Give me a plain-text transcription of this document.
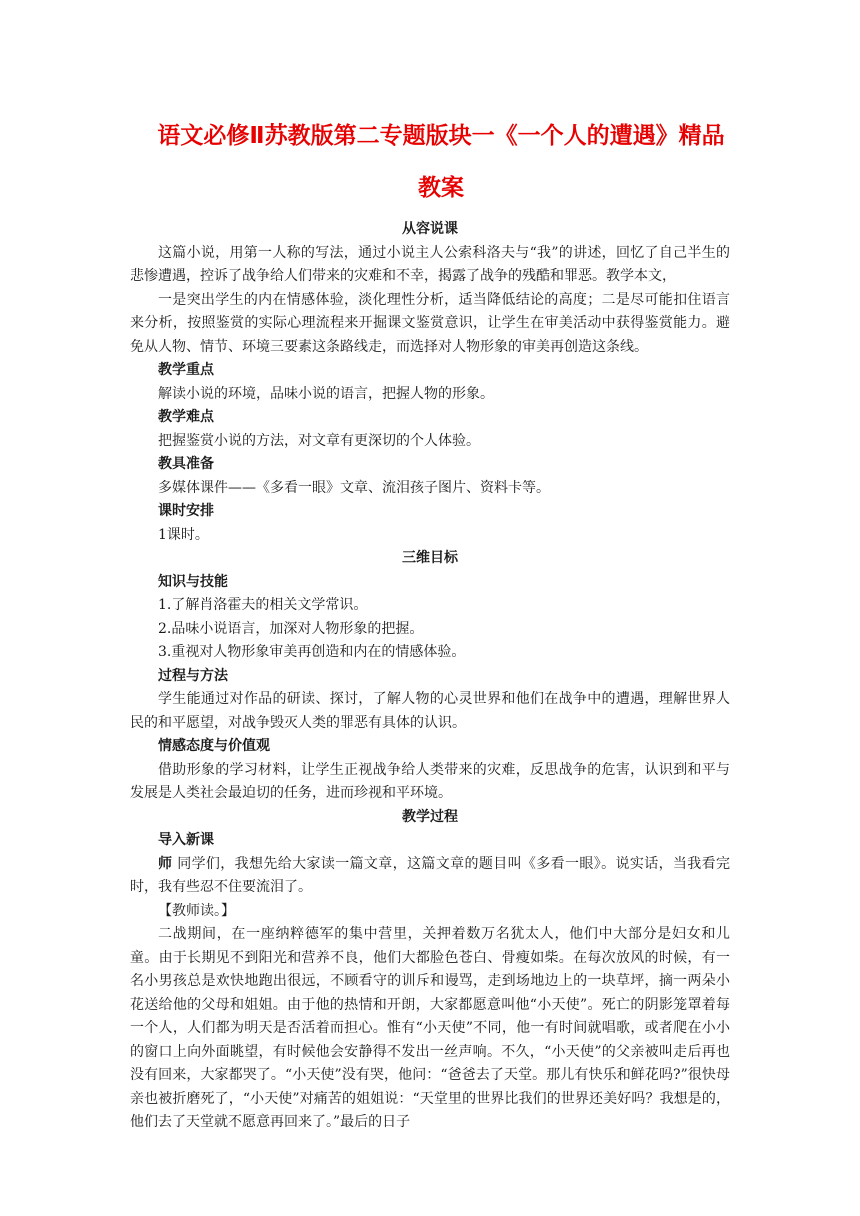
语文必修Ⅱ苏教版第二专题版块一《一个人的遭遇》精品教案
从容说课

这篇小说，用第一人称的写法，通过小说主人公索科洛夫与“我”的讲述，回忆了自己半生的悲惨遭遇，控诉了战争给人们带来的灾难和不幸，揭露了战争的残酷和罪恶。教学本文，

一是突出学生的内在情感体验，淡化理性分析，适当降低结论的高度；二是尽可能扣住语言来分析，按照鉴赏的实际心理流程来开掘课文鉴赏意识，让学生在审美活动中获得鉴赏能力。避免从人物、情节、环境三要素这条路线走，而选择对人物形象的审美再创造这条线。

教学重点

解读小说的环境，品味小说的语言，把握人物的形象。

教学难点

把握鉴赏小说的方法，对文章有更深切的个人体验。

教具准备

多媒体课件——《多看一眼》文章、流泪孩子图片、资料卡等。

课时安排

1课时。

三维目标
知识与技能

1.了解肖洛霍夫的相关文学常识。

2.品味小说语言，加深对人物形象的把握。

3.重视对人物形象审美再创造和内在的情感体验。

过程与方法

学生能通过对作品的研读、探讨，了解人物的心灵世界和他们在战争中的遭遇，理解世界人民的和平愿望，对战争毁灭人类的罪恶有具体的认识。

情感态度与价值观

借助形象的学习材料，让学生正视战争给人类带来的灾难，反思战争的危害，认识到和平与发展是人类社会最迫切的任务，进而珍视和平环境。

教学过程
导入新课

师 同学们，我想先给大家读一篇文章，这篇文章的题目叫《多看一眼》。说实话，当我看完时，我有些忍不住要流泪了。

【教师读。】

二战期间，在一座纳粹德军的集中营里，关押着数万名犹太人，他们中大部分是妇女和儿童。由于长期见不到阳光和营养不良，他们大都脸色苍白、骨瘦如柴。在每次放风的时候，有一名小男孩总是欢快地跑出很远，不顾看守的训斥和谩骂，走到场地边上的一块草坪，摘一两朵小花送给他的父母和姐姐。由于他的热情和开朗，大家都愿意叫他“小天使”。死亡的阴影笼罩着每一个人，人们都为明天是否活着而担心。惟有“小天使”不同，他一有时间就唱歌，或者爬在小小的窗口上向外面眺望，有时候他会安静得不发出一丝声响。不久，“小天使”的父亲被叫走后再也没有回来，大家都哭了。“小天使”没有哭，他问：“爸爸去了天堂。那儿有快乐和鲜花吗?”很快母亲也被折磨死了，“小天使”对痛苦的姐姐说：“天堂里的世界比我们的世界还美好吗？我想是的，他们去了天堂就不愿意再回来了。”最后的日子
